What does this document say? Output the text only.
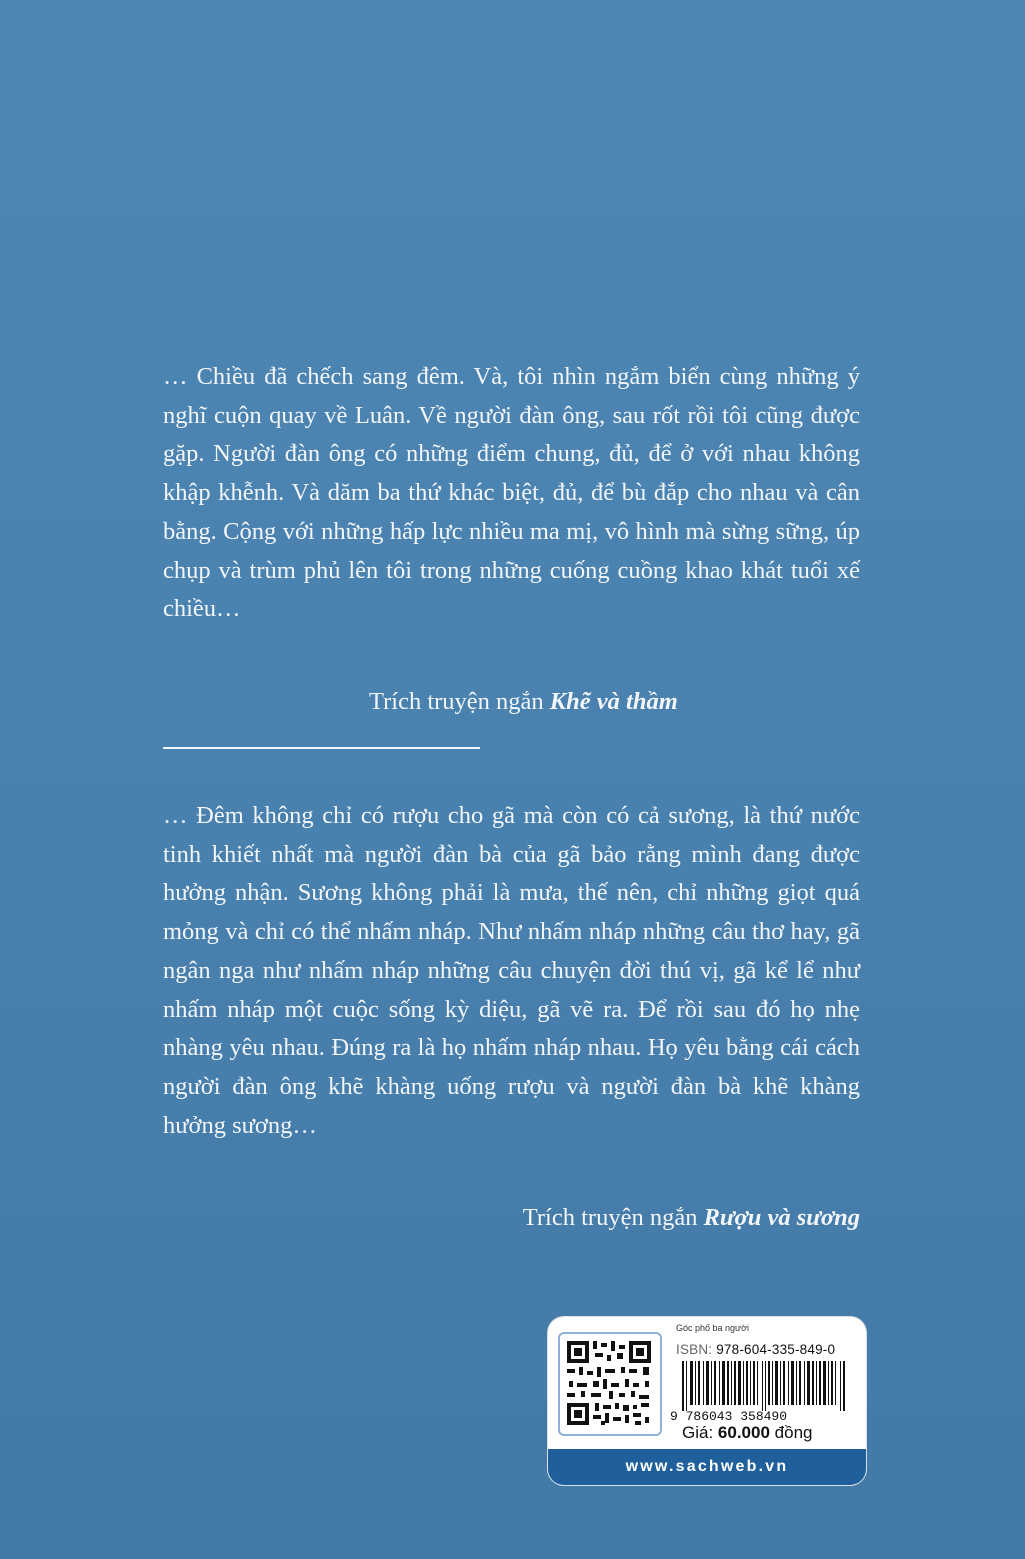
… Chiều đã chếch sang đêm. Và, tôi nhìn ngắm biển cùng những ý nghĩ cuộn quay về Luân. Về người đàn ông, sau rốt rồi tôi cũng được gặp. Người đàn ông có những điểm chung, đủ, để ở với nhau không khập khễnh. Và dăm ba thứ khác biệt, đủ, để bù đắp cho nhau và cân bằng. Cộng với những hấp lực nhiều ma mị, vô hình mà sừng sững, úp chụp và trùm phủ lên tôi trong những cuống cuồng khao khát tuổi xế chiều…

Trích truyện ngắn Khẽ và thầm

… Đêm không chỉ có rượu cho gã mà còn có cả sương, là thứ nước tinh khiết nhất mà người đàn bà của gã bảo rằng mình đang được hưởng nhận. Sương không phải là mưa, thế nên, chỉ những giọt quá mỏng và chỉ có thể nhấm nháp. Như nhấm nháp những câu thơ hay, gã ngân nga như nhấm nháp những câu chuyện đời thú vị, gã kể lể như nhấm nháp một cuộc sống kỳ diệu, gã vẽ ra. Để rồi sau đó họ nhẹ nhàng yêu nhau. Đúng ra là họ nhấm nháp nhau. Họ yêu bằng cái cách người đàn ông khẽ khàng uống rượu và người đàn bà khẽ khàng hưởng sương…

Trích truyện ngắn Rượu và sương
Góc phố ba người
ISBN: 978-604-335-849-0
9 786043 358490
Giá: 60.000 đồng
www.sachweb.vn
